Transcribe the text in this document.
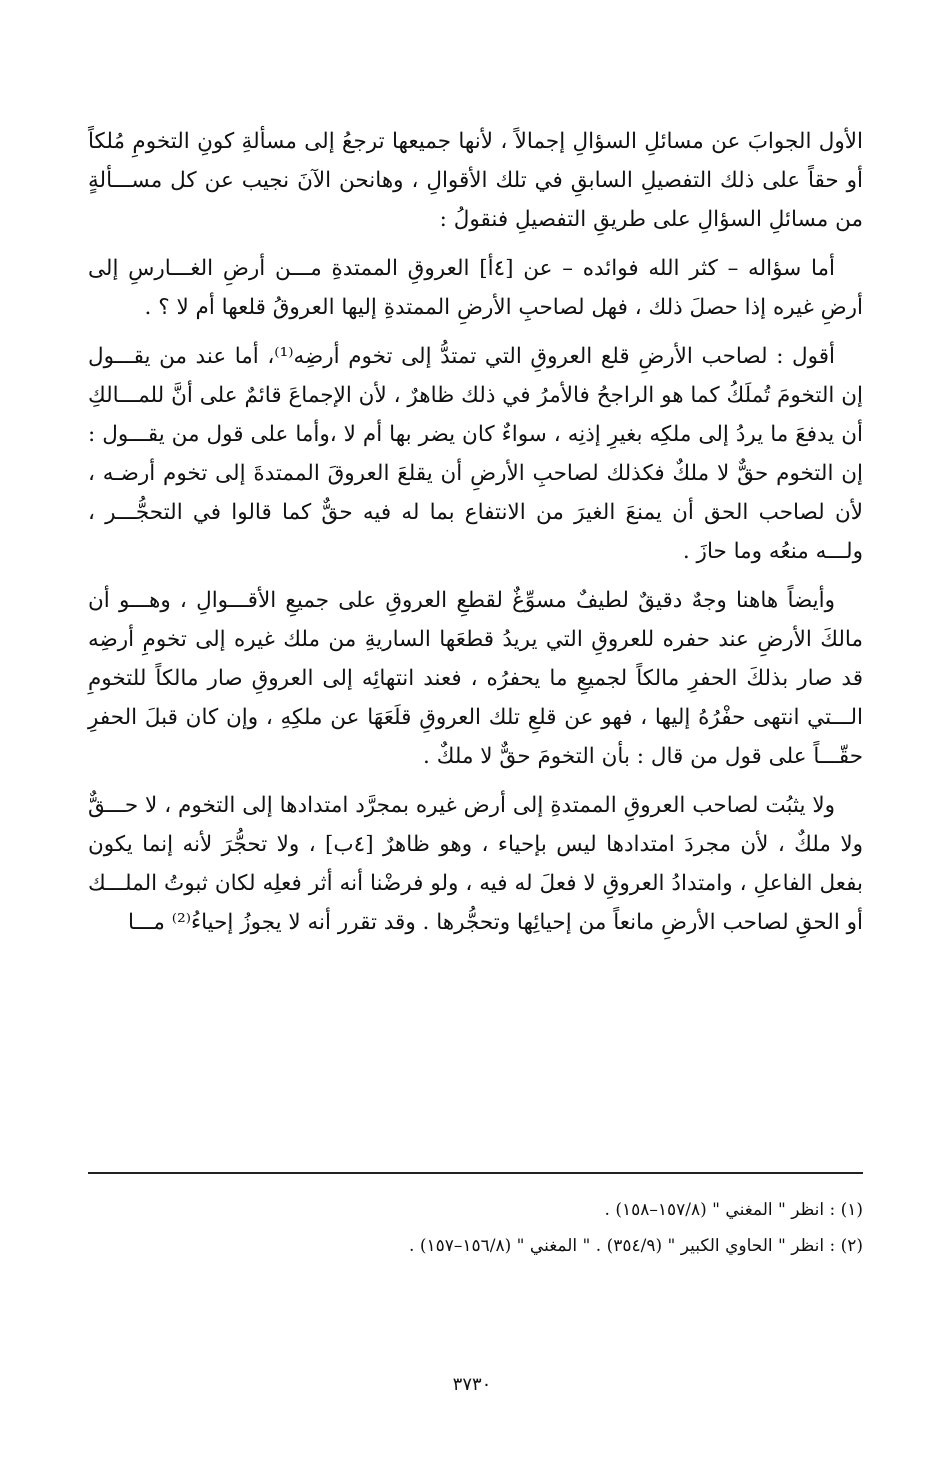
الأول الجوابَ عن مسائلِ السؤالِ إجمالاً ، لأنها جميعها ترجعُ إلى مسألةِ كونِ التخومِ مُلكاً أو حقاً على ذلك التفصيلِ السابقِ في تلك الأقوالِ ، وهانحن الآنَ نجيب عن كل مســـألةٍ من مسائلِ السؤالِ على طريقِ التفصيلِ فنقولُ :

أما سؤاله – كثر الله فوائده – عن [٤أ] العروقِ الممتدةِ مـــن أرضِ الغـــارسِ إلى أرضِ غيره إذا حصلَ ذلك ، فهل لصاحبِ الأرضِ الممتدةِ إليها العروقُ قلعها أم لا ؟ .

أقول : لصاحب الأرضِ قلع العروقِ التي تمتدُّ إلى تخوم أرضِه⁽¹⁾، أما عند من يقـــول إن التخومَ تُملَكُ كما هو الراجحُ فالأمرُ في ذلك ظاهرٌ ، لأن الإجماعَ قائمٌ على أنَّ للمـــالكِ أن يدفعَ ما يردُ إلى ملكِه بغيرِ إذنِه ، سواءٌ كان يضر بها أم لا ،وأما على قول من يقـــول : إن التخوم حقٌّ لا ملكٌ فكذلك لصاحبِ الأرضِ أن يقلعَ العروقَ الممتدةَ إلى تخوم أرضـه ، لأن لصاحب الحق أن يمنعَ الغيرَ من الانتفاع بما له فيه حقٌّ كما قالوا في التحجُّـــر ، ولـــه منعُه وما حازَ .

وأيضاً هاهنا وجهٌ دقيقٌ لطيفٌ مسوِّغٌ لقطعِ العروقِ على جميعِ الأقـــوالِ ، وهـــو أن مالكَ الأرضِ عند حفره للعروقِ التي يريدُ قطعَها الساريةِ من ملك غيره إلى تخومِ أرضِه قد صار بذلكَ الحفرِ مالكاً لجميعِ ما يحفرُه ، فعند انتهائِه إلى العروقِ صار مالكاً للتخومِ الـــتي انتهى حفْرُهُ إليها ، فهو عن قلعِ تلك العروقِ قلَعَهَا عن ملكِهِ ، وإن كان قبلَ الحفرِ حقّـــاً على قول من قال : بأن التخومَ حقٌّ لا ملكٌ .

ولا يثبُت لصاحب العروقِ الممتدةِ إلى أرض غيره بمجرَّد امتدادها إلى التخوم ، لا حـــقٌّ ولا ملكٌ ، لأن مجردَ امتدادها ليس بإحياء ، وهو ظاهرٌ [٤ب] ، ولا تحجُّرَ لأنه إنما يكون بفعل الفاعلِ ، وامتدادُ العروقِ لا فعلَ له فيه ، ولو فرضْنا أنه أثر فعلِه لكان ثبوتُ الملـــك أو الحقِ لصاحب الأرضِ مانعاً من إحيائِها وتحجُّرها . وقد تقرر أنه لا يجوزُ إحياءُ⁽²⁾ مـــا

(١) : انظر " المغني " (١٥٧/٨–١٥٨) .

(٢) : انظر " الحاوي الكبير " (٣٥٤/٩) . " المغني " (١٥٦/٨–١٥٧) .

٣٧٣٠
